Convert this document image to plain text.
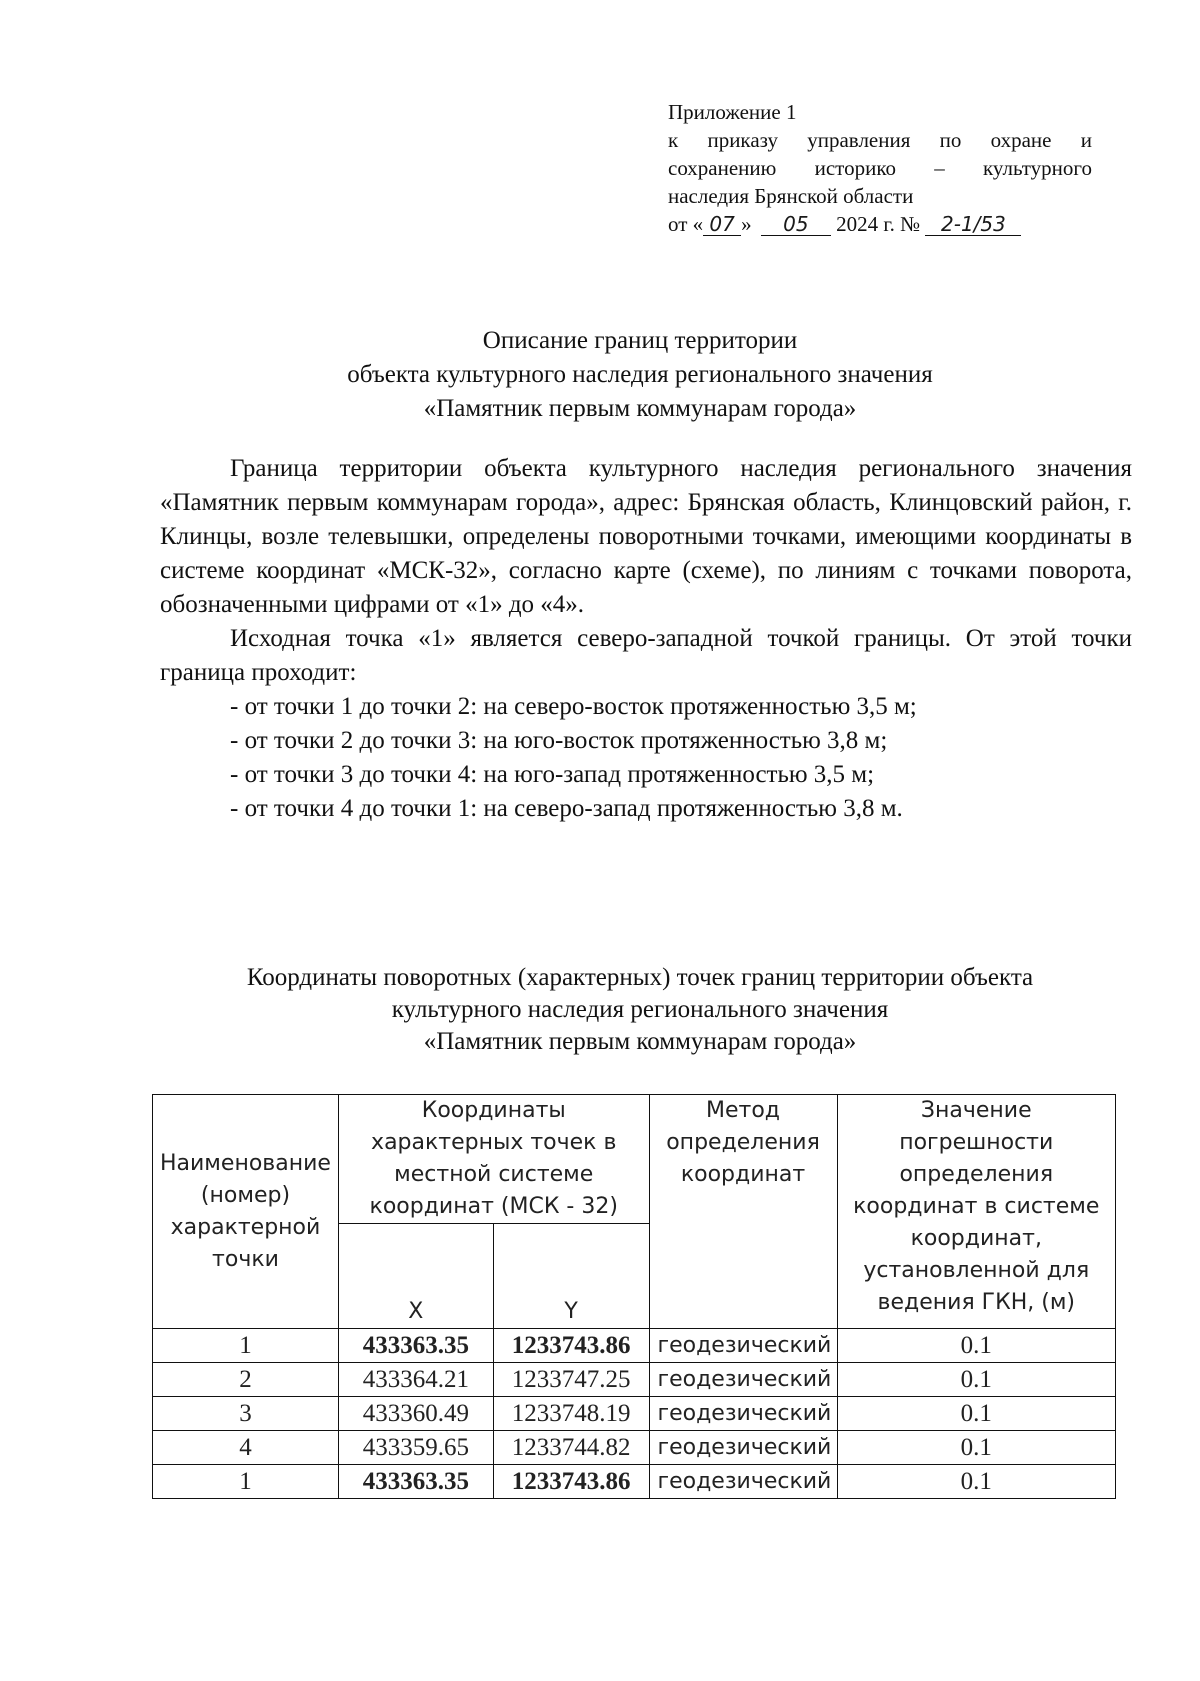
Приложение 1
к приказу управления по охране и
сохранению историко – культурного
наследия Брянской области
от « 07 » 05 2024 г. № 2-1/53
Описание границ территории
объекта культурного наследия регионального значения
«Памятник первым коммунарам города»

Граница территории объекта культурного наследия регионального значения «Памятник первым коммунарам города», адрес: Брянская область, Клинцовский район, г. Клинцы, возле телевышки, определены поворотными точками, имеющими координаты в системе координат «МСК-32», согласно карте (схеме), по линиям с точками поворота, обозначенными цифрами от «1» до «4».

Исходная точка «1» является северо-западной точкой границы. От этой точки граница проходит:

- от точки 1 до точки 2: на северо-восток протяженностью 3,5 м;
- от точки 2 до точки 3: на юго-восток протяженностью 3,8 м;
- от точки 3 до точки 4: на юго-запад протяженностью 3,5 м;
- от точки 4 до точки 1: на северо-запад протяженностью 3,8 м.
Координаты поворотных (характерных) точек границ территории объекта
культурного наследия регионального значения
«Памятник первым коммунарам города»
Наименование (номер) характерной точки	Координаты характерных точек в местной системе координат (МСК - 32)		Метод определения координат	Значение погрешности определения координат в системе координат, установленной для ведения ГКН, (м)
	X	Y		
1	433363.35	1233743.86	геодезический	0.1
2	433364.21	1233747.25	геодезический	0.1
3	433360.49	1233748.19	геодезический	0.1
4	433359.65	1233744.82	геодезический	0.1
1	433363.35	1233743.86	геодезический	0.1
